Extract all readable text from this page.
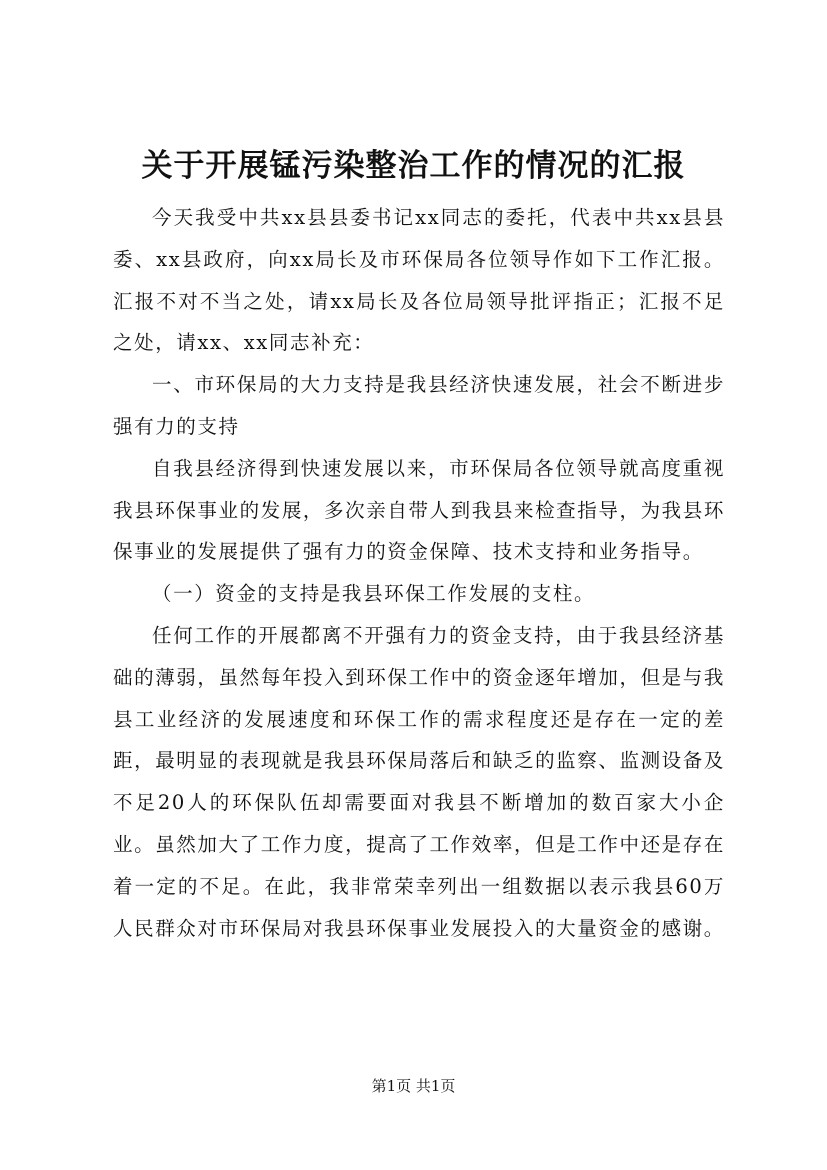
关于开展锰污染整治工作的情况的汇报

今天我受中共xx县县委书记xx同志的委托，代表中共xx县县委、xx县政府，向xx局长及市环保局各位领导作如下工作汇报。汇报不对不当之处，请xx局长及各位局领导批评指正；汇报不足之处，请xx、xx同志补充：

一、市环保局的大力支持是我县经济快速发展，社会不断进步强有力的支持

自我县经济得到快速发展以来，市环保局各位领导就高度重视我县环保事业的发展，多次亲自带人到我县来检查指导，为我县环保事业的发展提供了强有力的资金保障、技术支持和业务指导。

（一）资金的支持是我县环保工作发展的支柱。

任何工作的开展都离不开强有力的资金支持，由于我县经济基础的薄弱，虽然每年投入到环保工作中的资金逐年增加，但是与我县工业经济的发展速度和环保工作的需求程度还是存在一定的差距，最明显的表现就是我县环保局落后和缺乏的监察、监测设备及不足20人的环保队伍却需要面对我县不断增加的数百家大小企业。虽然加大了工作力度，提高了工作效率，但是工作中还是存在着一定的不足。在此，我非常荣幸列出一组数据以表示我县60万人民群众对市环保局对我县环保事业发展投入的大量资金的感谢。

第1页 共1页
